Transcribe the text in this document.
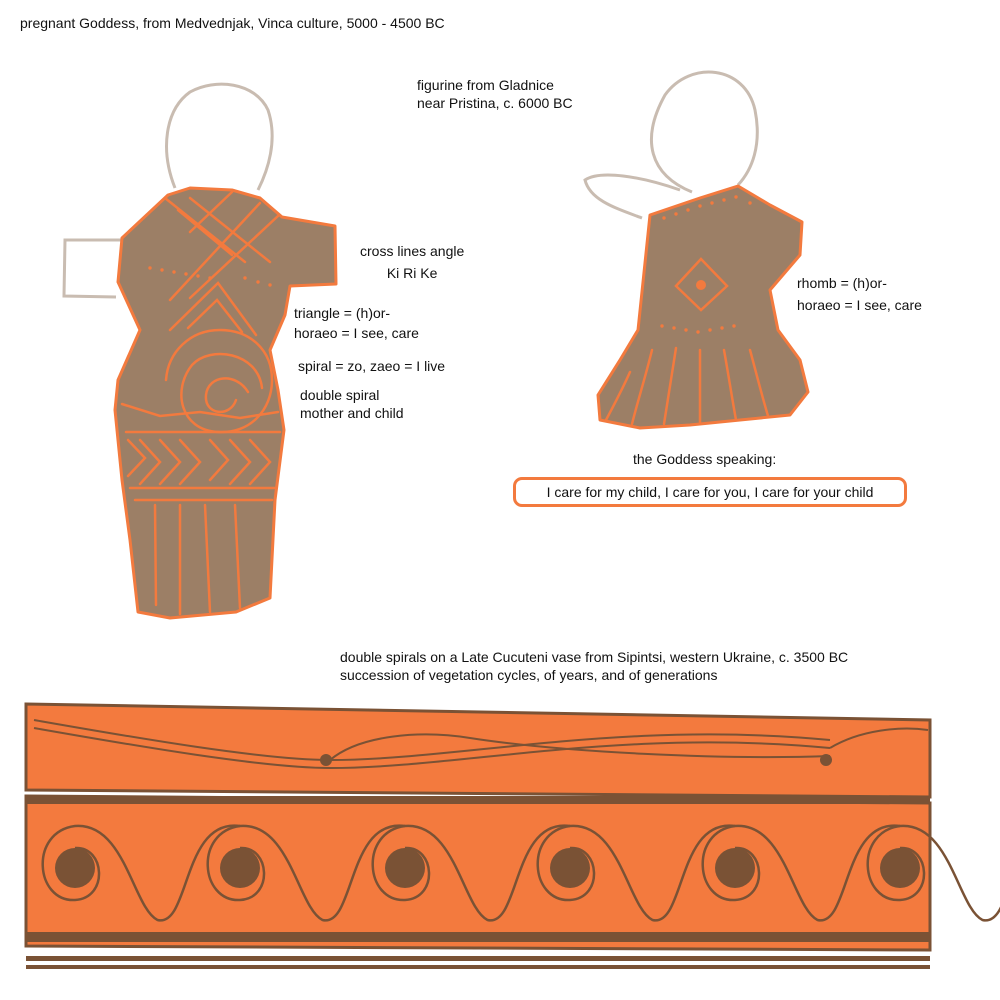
pregnant Goddess, from Medvednjak, Vinca culture, 5000 - 4500 BC

figurine from Gladnice
near Pristina, c. 6000 BC

cross lines angle
Ki Ri Ke

triangle = (h)or-
horaeo = I see, care

spiral = zo, zaeo = I live

double spiral
mother and child

rhomb = (h)or-
horaeo = I see, care

the Goddess speaking:

I care for my child, I care for you, I care for your child

double spirals on a Late Cucuteni vase from Sipintsi, western Ukraine, c. 3500 BC
succession of vegetation cycles, of years, and of generations
